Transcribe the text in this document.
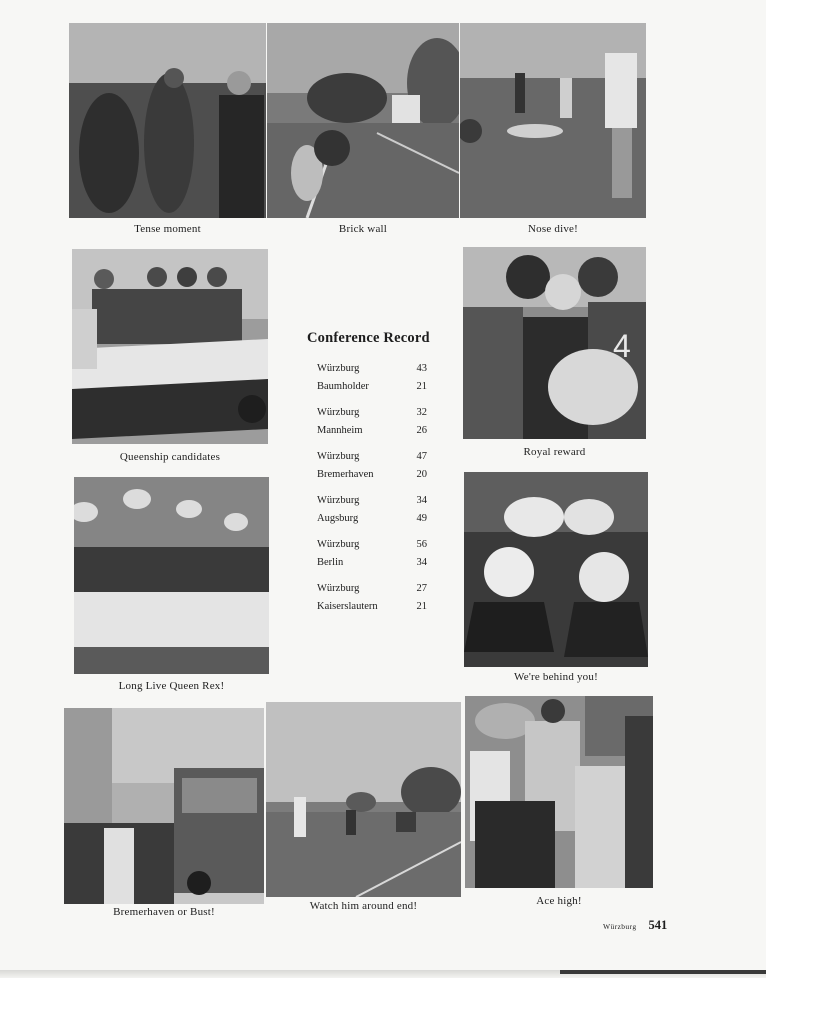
Tense moment	Brick wall	Nose dive!
Queenship candidates
Long Live Queen Rex!
4
Royal reward
We're behind you!
Conference Record
Würzburg	43
Baumholder	21
Würzburg	32
Mannheim	26
Würzburg	47
Bremerhaven	20
Würzburg	34
Augsburg	49
Würzburg	56
Berlin	34
Würzburg	27
Kaiserslautern	21
Bremerhaven or Bust!	Watch him around end!	Ace high!
Würzburg 541
